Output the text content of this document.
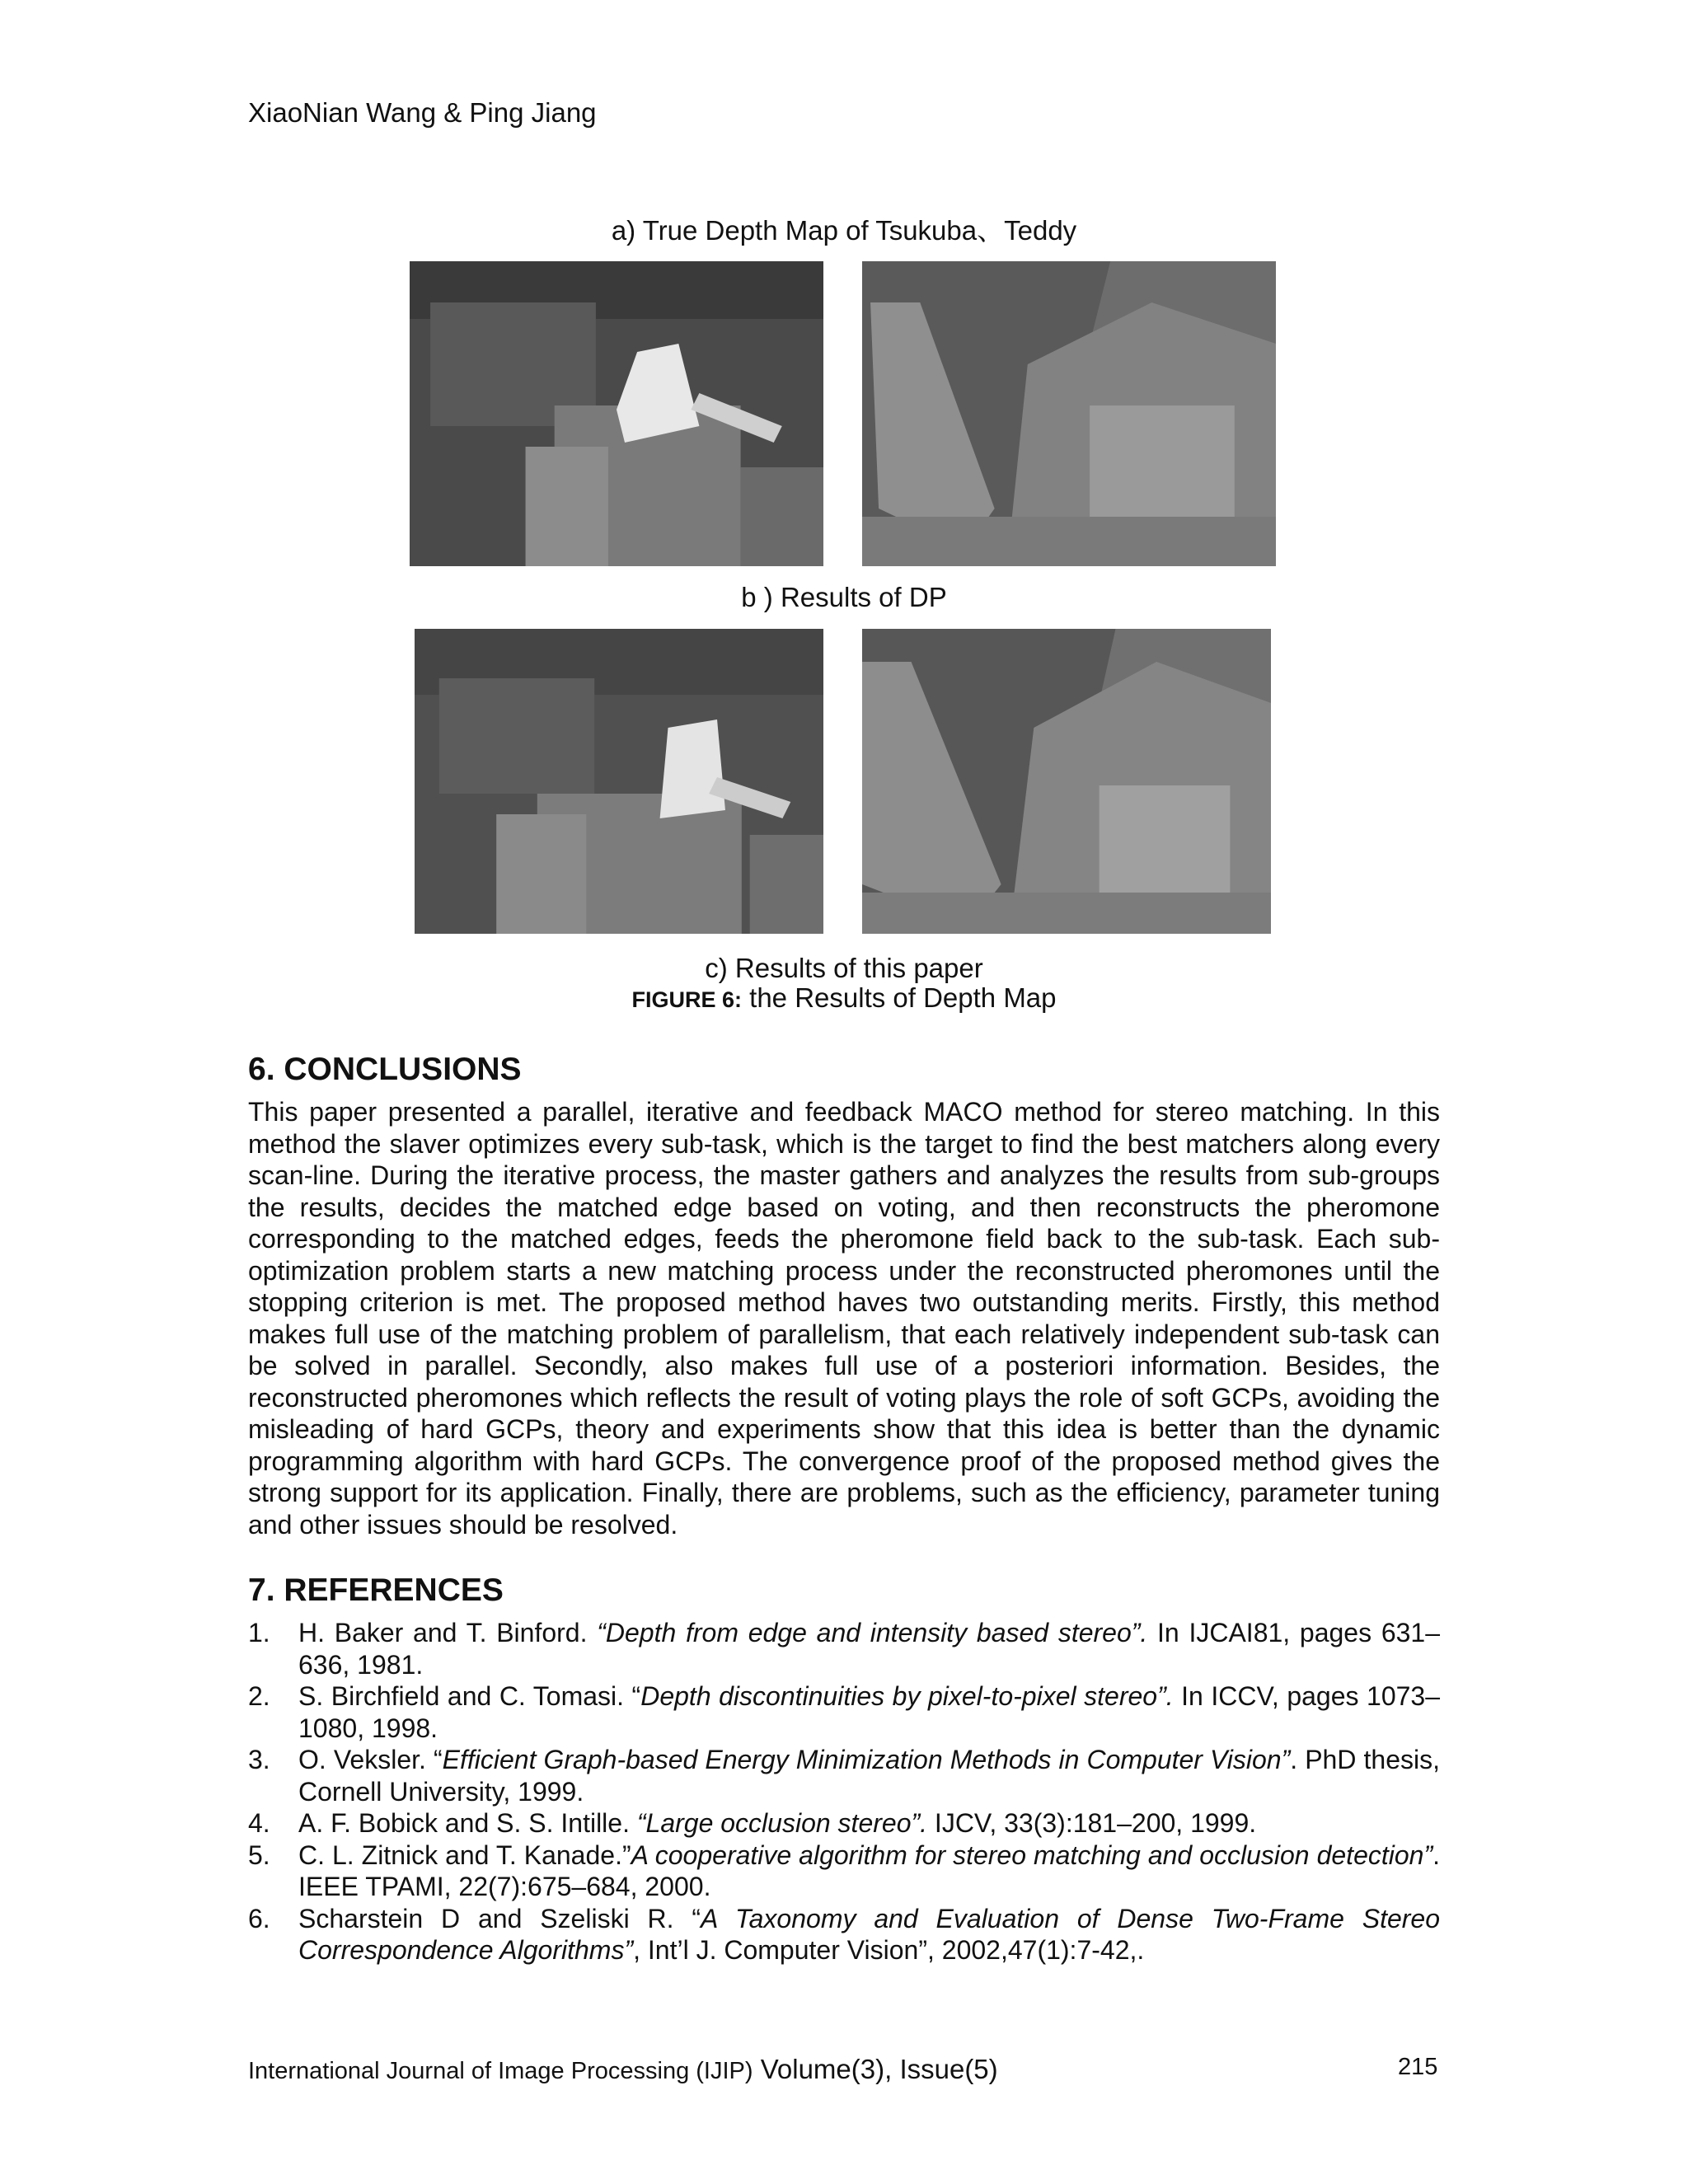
XiaoNian Wang & Ping Jiang
a) True Depth Map of Tsukuba、Teddy
b ) Results of DP
c) Results of this paper
FIGURE 6: the Results of Depth Map
6. CONCLUSIONS

This paper presented a parallel, iterative and feedback MACO method for stereo matching. In this method the slaver optimizes every sub-task, which is the target to find the best matchers along every scan-line. During the iterative process, the master gathers and analyzes the results from sub-groups the results, decides the matched edge based on voting, and then reconstructs the pheromone corresponding to the matched edges, feeds the pheromone field back to the sub-task. Each sub-optimization problem starts a new matching process under the reconstructed pheromones until the stopping criterion is met. The proposed method haves two outstanding merits. Firstly, this method makes full use of the matching problem of parallelism, that each relatively independent sub-task can be solved in parallel. Secondly, also makes full use of a posteriori information. Besides, the reconstructed pheromones which reflects the result of voting plays the role of soft GCPs, avoiding the misleading of hard GCPs, theory and experiments show that this idea is better than the dynamic programming algorithm with hard GCPs. The convergence proof of the proposed method gives the strong support for its application. Finally, there are problems, such as the efficiency, parameter tuning and other issues should be resolved.

7. REFERENCES
1. H. Baker and T. Binford. “Depth from edge and intensity based stereo”. In IJCAI81, pages 631–636, 1981.
2. S. Birchfield and C. Tomasi. “Depth discontinuities by pixel-to-pixel stereo”. In ICCV, pages 1073–1080, 1998.
3. O. Veksler. “Efficient Graph-based Energy Minimization Methods in Computer Vision”. PhD thesis, Cornell University, 1999.
4. A. F. Bobick and S. S. Intille. “Large occlusion stereo”. IJCV, 33(3):181–200, 1999.
5. C. L. Zitnick and T. Kanade.”A cooperative algorithm for stereo matching and occlusion detection”. IEEE TPAMI, 22(7):675–684, 2000.
6. Scharstein D and Szeliski R. “A Taxonomy and Evaluation of Dense Two-Frame Stereo Correspondence Algorithms”, Int’l J. Computer Vision”, 2002,47(1):7-42,.
International Journal of Image Processing (IJIP) Volume(3), Issue(5)	215
